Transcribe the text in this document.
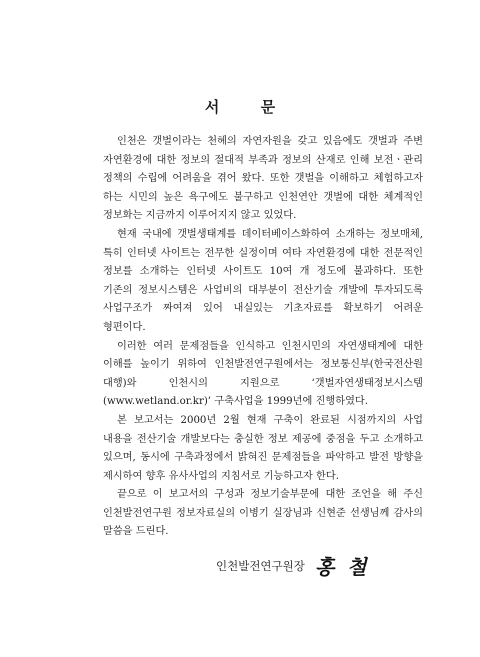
서 문

인천은 갯벌이라는 천혜의 자연자원을 갖고 있음에도 갯벌과 주변 자연환경에 대한 정보의 절대적 부족과 정보의 산재로 인해 보전ㆍ관리 정책의 수립에 어려움을 겪어 왔다. 또한 갯벌을 이해하고 체험하고자 하는 시민의 높은 욕구에도 불구하고 인천연안 갯벌에 대한 체계적인 정보화는 지금까지 이루어지지 않고 있었다.

현재 국내에 갯벌생태계를 데이터베이스화하여 소개하는 정보매체, 특히 인터넷 사이트는 전무한 실정이며 여타 자연환경에 대한 전문적인 정보를 소개하는 인터넷 사이트도 10여 개 정도에 불과하다. 또한 기존의 정보시스템은 사업비의 대부분이 전산기술 개발에 투자되도록 사업구조가 짜여져 있어 내실있는 기초자료를 확보하기 어려운 형편이다.

이러한 여러 문제점들을 인식하고 인천시민의 자연생태계에 대한 이해를 높이기 위하여 인천발전연구원에서는 정보통신부(한국전산원 대행)와 인천시의 지원으로 ‘갯벌자연생태정보시스템(www.wetland.or.kr)’ 구축사업을 1999년에 진행하였다.

본 보고서는 2000년 2월 현재 구축이 완료된 시점까지의 사업 내용을 전산기술 개발보다는 충실한 정보 제공에 중점을 두고 소개하고 있으며, 동시에 구축과정에서 밝혀진 문제점들을 파악하고 발전 방향을 제시하여 향후 유사사업의 지침서로 기능하고자 한다.

끝으로 이 보고서의 구성과 정보기술부문에 대한 조언을 해 주신 인천발전연구원 정보자료실의 이병기 실장님과 신현준 선생님께 감사의 말씀을 드린다.

인천발전연구원장 홍 철
